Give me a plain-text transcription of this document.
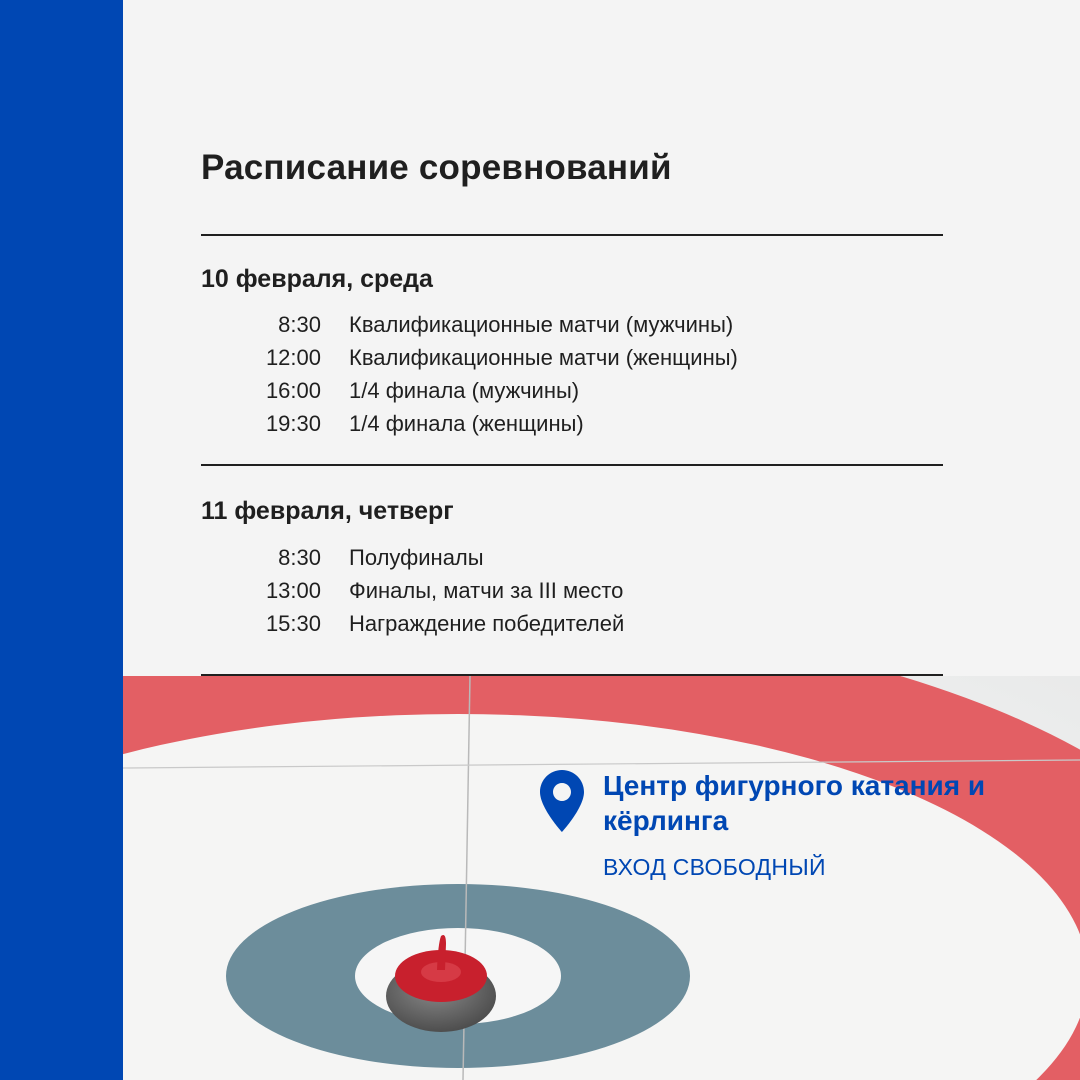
Расписание соревнований
10 февраля, среда
8:30 Квалификационные матчи (мужчины)
12:00 Квалификационные матчи (женщины)
16:00 1/4 финала (мужчины)
19:30 1/4 финала (женщины)
11 февраля, четверг
8:30 Полуфиналы
13:00 Финалы, матчи за III место
15:30 Награждение победителей
Центр фигурного катания и кёрлинга
ВХОД СВОБОДНЫЙ
